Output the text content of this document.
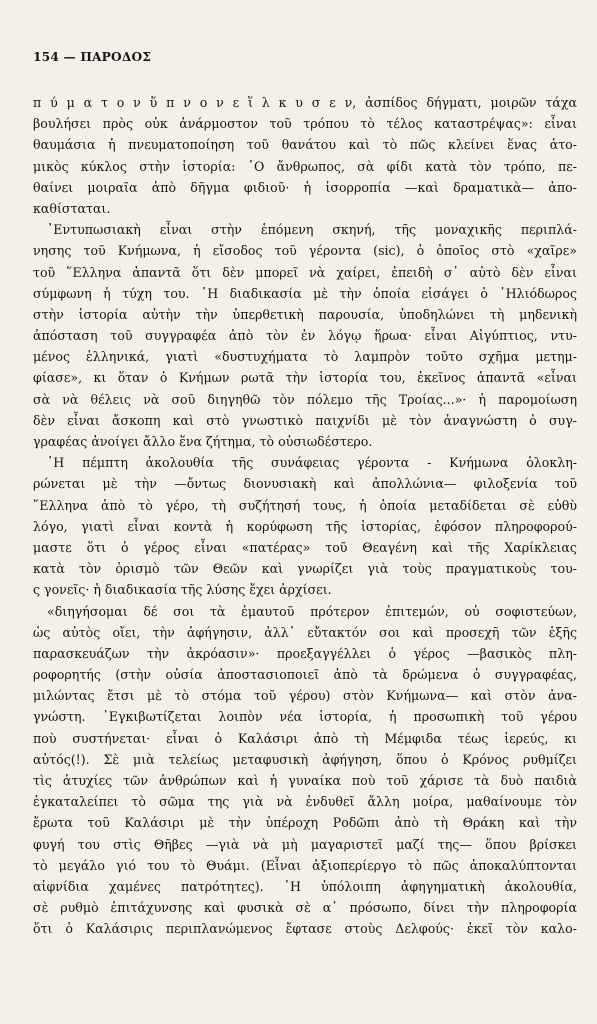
154 — ΠΑΡΟΔΟΣ
π ύ μ α τ ο ν ὕ π ν ο ν ε ἵ λ κ υ σ ε ν, ἀσπίδος δήγματι, μοιρῶν τάχα
βουλήσει πρὸς οὐκ ἀνάρμοστον τοῦ τρόπου τὸ τέλος καταστρέψας»: εἶναι
θαυμάσια ἡ πνευματοποίηση τοῦ θανάτου καὶ τὸ πῶς κλείνει ἕνας ἀτο-
μικὸς κύκλος στὴν ἱστορία: ῾Ο ἄνθρωπος, σὰ φίδι κατὰ τὸν τρόπο, πε-
θαίνει μοιραῖα ἀπὸ δῆγμα φιδιοῦ· ἡ ἰσορροπία —καὶ δραματικὰ— ἀπο-
καθίσταται.
᾿Εντυπωσιακὴ εἶναι στὴν ἑπόμενη σκηνή, τῆς μοναχικῆς περιπλά-
νησης τοῦ Κνήμωνα, ἡ εἴσοδος τοῦ γέροντα (sic), ὁ ὁποῖος στὸ «χαῖρε»
τοῦ ῞Ελληνα ἀπαντᾶ ὅτι δὲν μπορεῖ νὰ χαίρει, ἐπειδὴ σ᾿ αὐτὸ δὲν εἶναι
σύμφωνη ἡ τύχη του. ῾Η διαδικασία μὲ τὴν ὁποία εἰσάγει ὁ ῾Ηλιόδωρος
στὴν ἱστορία αὐτὴν τὴν ὑπερθετικὴ παρουσία, ὑποδηλώνει τὴ μηδενικὴ
ἀπόσταση τοῦ συγγραφέα ἀπὸ τὸν ἐν λόγῳ ἥρωα· εἶναι Αἰγύπτιος, ντυ-
μένος ἑλληνικά, γιατὶ «δυστυχήματα τὸ λαμπρὸν τοῦτο σχῆμα μετημ-
φίασε», κι ὅταν ὁ Κνήμων ρωτᾶ τὴν ἱστορία του, ἐκεῖνος ἀπαντᾶ «εἶναι
σὰ νὰ θέλεις νὰ σοῦ διηγηθῶ τὸν πόλεμο τῆς Τροίας...»· ἡ παρομοίωση
δὲν εἶναι ἄσκοπη καὶ στὸ γνωστικὸ παιχνίδι μὲ τὸν ἀναγνώστη ὁ συγ-
γραφέας ἀνοίγει ἄλλο ἕνα ζήτημα, τὸ οὐσιωδέστερο.
῾Η πέμπτη ἀκολουθία τῆς συνάφειας γέροντα - Κνήμωνα ὁλοκλη-
ρώνεται μὲ τὴν —ὄντως διονυσιακὴ καὶ ἀπολλώνια— φιλοξενία τοῦ
῞Ελληνα ἀπὸ τὸ γέρο, τὴ συζήτησή τους, ἡ ὁποία μεταδίδεται σὲ εὐθὺ
λόγο, γιατὶ εἶναι κοντὰ ἡ κορύφωση τῆς ἱστορίας, ἐφόσον πληροφορού-
μαστε ὅτι ὁ γέρος εἶναι «πατέρας» τοῦ Θεαγένη καὶ τῆς Χαρίκλειας
κατὰ τὸν ὁρισμὸ τῶν Θεῶν καὶ γνωρίζει γιὰ τοὺς πραγματικοὺς του-
ς γονεῖς· ἡ διαδικασία τῆς λύσης ἔχει ἀρχίσει.
«διηγήσομαι δέ σοι τὰ ἐμαυτοῦ πρότερον ἐπιτεμών, οὐ σοφιστεύων,
ὡς αὐτὸς οἴει, τὴν ἀφήγησιν, ἀλλ᾿ εὔτακτόν σοι καὶ προσεχῆ τῶν ἑξῆς
παρασκευάζων τὴν ἀκρόασιν»· προεξαγγέλλει ὁ γέρος —βασικὸς πλη-
ροφορητής (στὴν οὐσία ἀποστασιοποιεῖ ἀπὸ τὰ δρώμενα ὁ συγγραφέας,
μιλώντας ἔτσι μὲ τὸ στόμα τοῦ γέρου) στὸν Κνήμωνα— καὶ στὸν ἀνα-
γνώστη. ᾿Εγκιβωτίζεται λοιπὸν νέα ἱστορία, ἡ προσωπικὴ τοῦ γέρου
ποὺ συστήνεται· εἶναι ὁ Καλάσιρι ἀπὸ τὴ Μέμφιδα τέως ἱερεύς, κι
αὐτός(!). Σὲ μιὰ τελείως μεταφυσικὴ ἀφήγηση, ὅπου ὁ Κρόνος ρυθμίζει
τὶς ἀτυχίες τῶν ἀνθρώπων καὶ ἡ γυναίκα ποὺ τοῦ χάρισε τὰ δυὸ παιδιὰ
ἐγκαταλείπει τὸ σῶμα της γιὰ νὰ ἐνδυθεῖ ἄλλη μοίρα, μαθαίνουμε τὸν
ἔρωτα τοῦ Καλάσιρι μὲ τὴν ὑπέροχη Ροδῶπι ἀπὸ τὴ Θράκη καὶ τὴν
φυγή του στὶς Θῆβες —γιὰ νὰ μὴ μαγαριστεῖ μαζί της— ὅπου βρίσκει
τὸ μεγάλο γιό του τὸ Θυάμι. (Εἶναι ἀξιοπερίεργο τὸ πῶς ἀποκαλύπτονται
αἰφνίδια χαμένες πατρότητες). ῾Η ὑπόλοιπη ἀφηγηματικὴ ἀκολουθία,
σὲ ρυθμὸ ἐπιτάχυνσης καὶ φυσικὰ σὲ α᾿ πρόσωπο, δίνει τὴν πληροφορία
ὅτι ὁ Καλάσιρις περιπλανώμενος ἔφτασε στοὺς Δελφούς· ἐκεῖ τὸν καλο-
